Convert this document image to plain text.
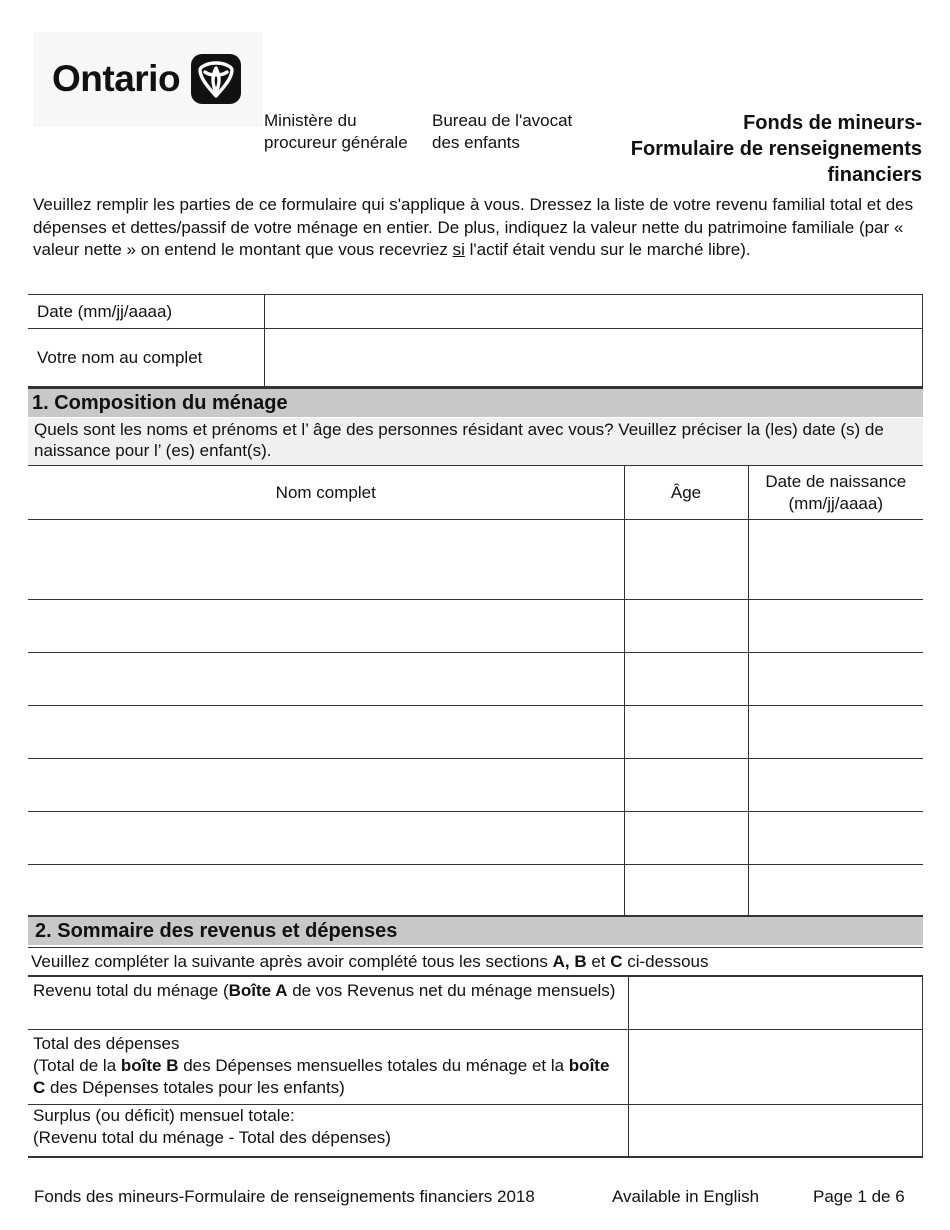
Ontario
Ministère du
procureur générale
Bureau de l'avocat
des enfants
Fonds de mineurs-
Formulaire de renseignements
financiers
Veuillez remplir les parties de ce formulaire qui s'applique à vous. Dressez la liste de votre revenu familial total et des dépenses et dettes/passif de votre ménage en entier. De plus, indiquez la valeur nette du patrimoine familiale (par « valeur nette » on entend le montant que vous recevriez si l'actif était vendu sur le marché libre).
Date (mm/jj/aaaa)
Votre nom au complet
1. Composition du ménage
Quels sont les noms et prénoms et l’ âge des personnes résidant avec vous? Veuillez préciser la (les) date (s) de naissance pour l’ (es) enfant(s).
Nom complet	Âge	Date de naissance (mm/jj/aaaa)

2. Sommaire des revenus et dépenses
Veuillez compléter la suivante après avoir complété tous les sections A, B et C ci-dessous
Revenu total du ménage (Boîte A de vos Revenus net du ménage mensuels)
Total des dépenses
(Total de la boîte B des Dépenses mensuelles totales du ménage et la boîte C des Dépenses totales pour les enfants)
Surplus (ou déficit) mensuel totale:
(Revenu total du ménage - Total des dépenses)
Fonds des mineurs-Formulaire de renseignements financiers 2018	Available in English	Page 1 de 6
